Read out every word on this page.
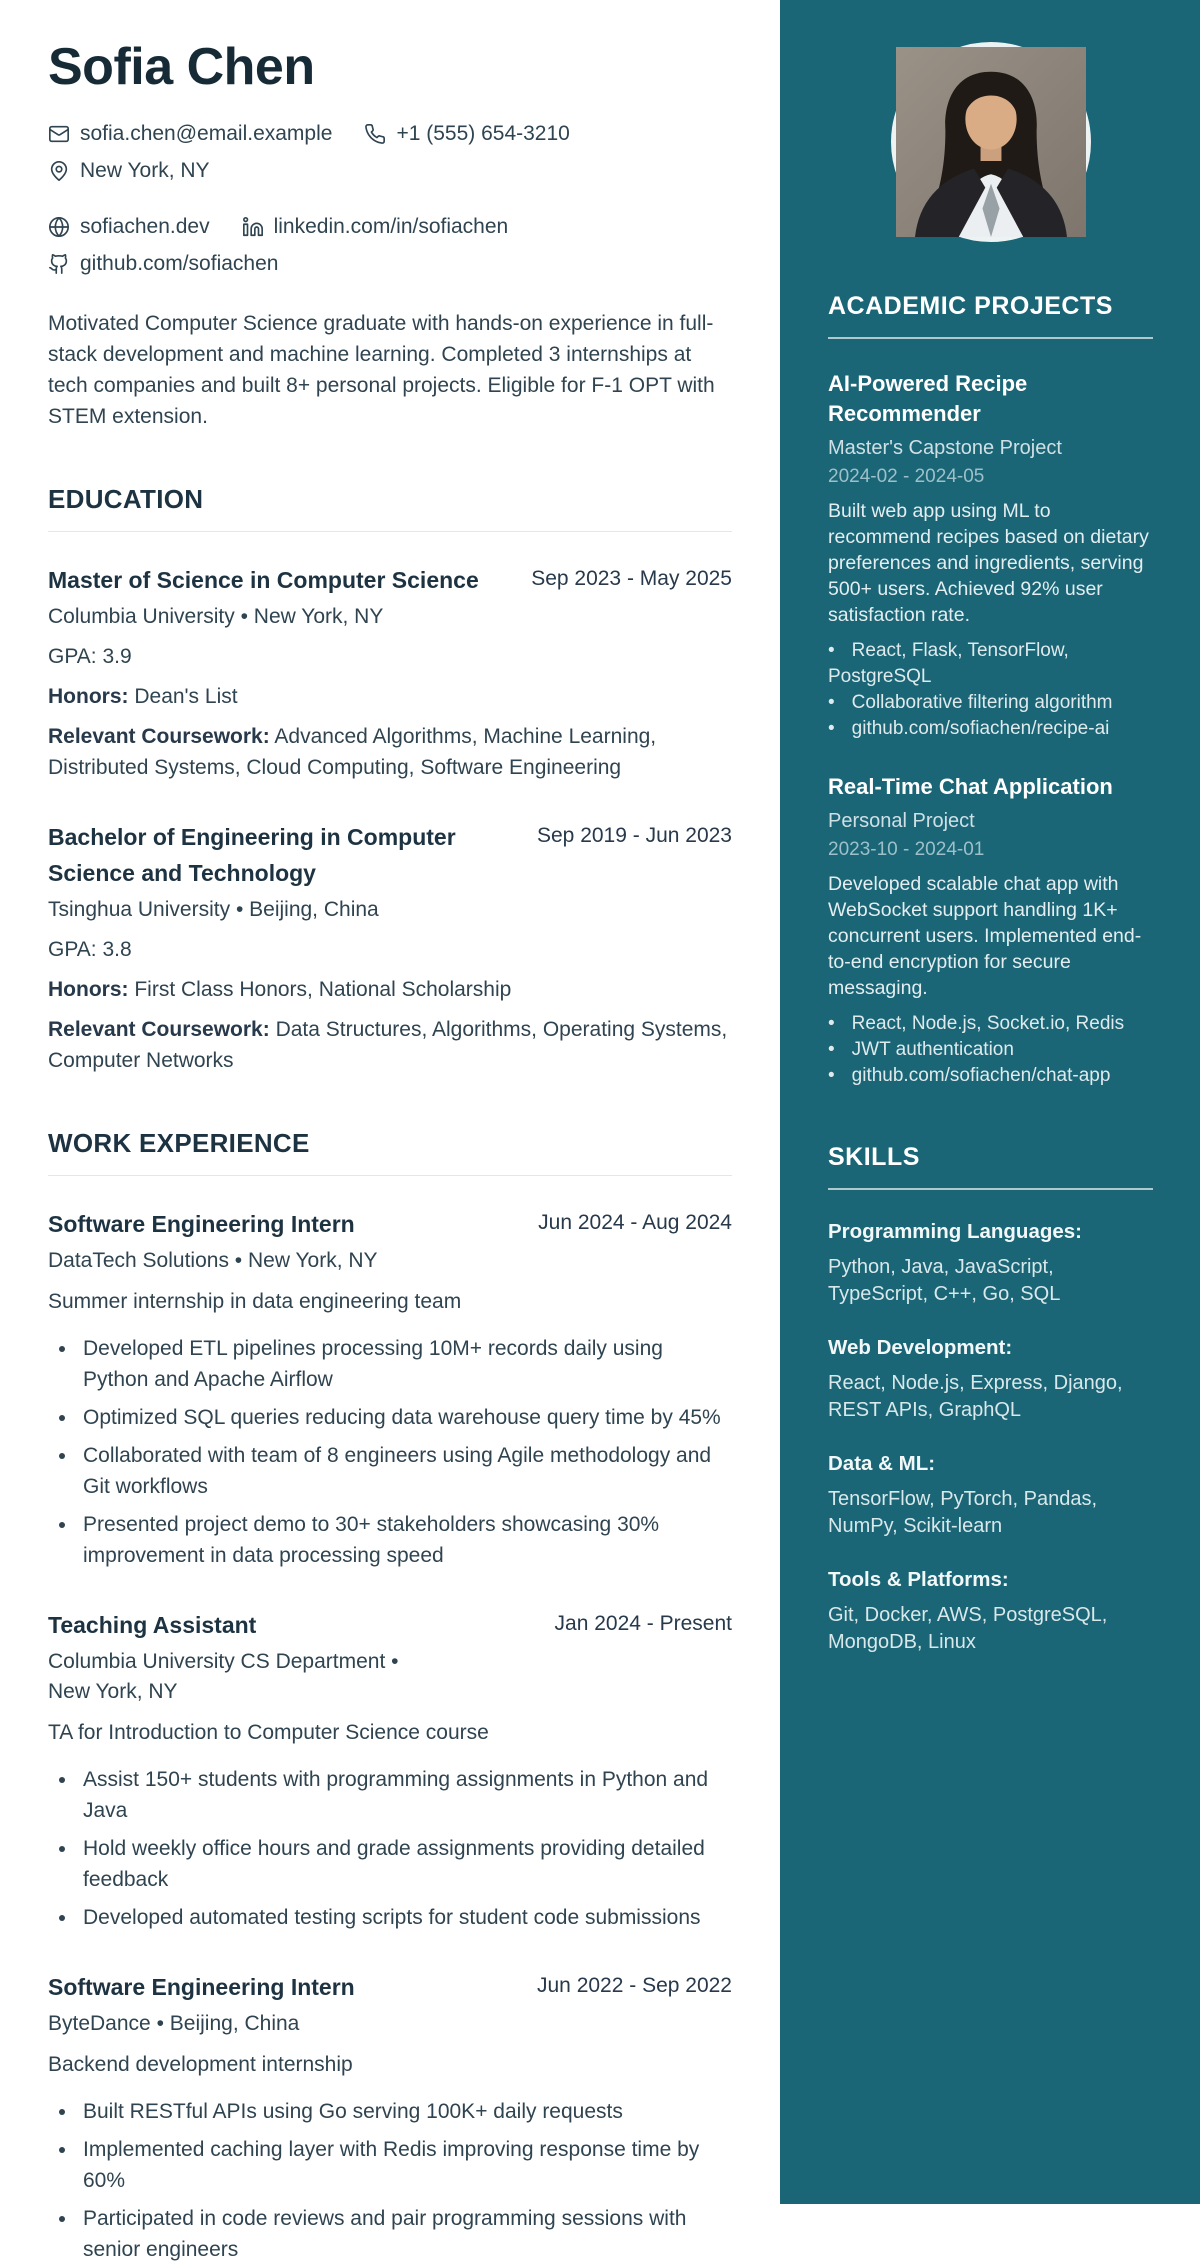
Sofia Chen
sofia.chen@email.example	+1 (555) 654-3210
New York, NY
sofiachen.dev	linkedin.com/in/sofiachen
github.com/sofiachen

Motivated Computer Science graduate with hands-on experience in full-stack development and machine learning. Completed 3 internships at tech companies and built 8+ personal projects. Eligible for F-1 OPT with STEM extension.

EDUCATION
Master of Science in Computer Science Sep 2023 - May 2025
Columbia University • New York, NY
GPA: 3.9
Honors: Dean's List
Relevant Coursework: Advanced Algorithms, Machine Learning, Distributed Systems, Cloud Computing, Software Engineering
Bachelor of Engineering in Computer Science and Technology
Sep 2019 - Jun 2023
Tsinghua University • Beijing, China
GPA: 3.8
Honors: First Class Honors, National Scholarship
Relevant Coursework: Data Structures, Algorithms, Operating Systems, Computer Networks
WORK EXPERIENCE
Software Engineering Intern	Jun 2024 - Aug 2024
DataTech Solutions • New York, NY
Summer internship in data engineering team
• Developed ETL pipelines processing 10M+ records daily using Python and Apache Airflow
• Optimized SQL queries reducing data warehouse query time by 45%
• Collaborated with team of 8 engineers using Agile methodology and Git workflows
• Presented project demo to 30+ stakeholders showcasing 30% improvement in data processing speed
Teaching Assistant	Jan 2024 - Present
Columbia University CS Department • New York, NY
TA for Introduction to Computer Science course
• Assist 150+ students with programming assignments in Python and Java
• Hold weekly office hours and grade assignments providing detailed feedback
• Developed automated testing scripts for student code submissions
Software Engineering Intern	Jun 2022 - Sep 2022
ByteDance • Beijing, China
Backend development internship
• Built RESTful APIs using Go serving 100K+ daily requests
• Implemented caching layer with Redis improving response time by 60%
• Participated in code reviews and pair programming sessions with senior engineers
ACADEMIC PROJECTS
AI-Powered Recipe Recommender
Master's Capstone Project
2024-02 - 2024-05

Built web app using ML to recommend recipes based on dietary preferences and ingredients, serving 500+ users. Achieved 92% user satisfaction rate.

• React, Flask, TensorFlow, PostgreSQL
• Collaborative filtering algorithm
• github.com/sofiachen/recipe-ai
Real-Time Chat Application
Personal Project
2023-10 - 2024-01

Developed scalable chat app with WebSocket support handling 1K+ concurrent users. Implemented end-to-end encryption for secure messaging.

• React, Node.js, Socket.io, Redis
• JWT authentication
• github.com/sofiachen/chat-app
SKILLS
Programming Languages:
Python, Java, JavaScript, TypeScript, C++, Go, SQL
Web Development:
React, Node.js, Express, Django, REST APIs, GraphQL
Data & ML:
TensorFlow, PyTorch, Pandas, NumPy, Scikit-learn
Tools & Platforms:
Git, Docker, AWS, PostgreSQL, MongoDB, Linux
